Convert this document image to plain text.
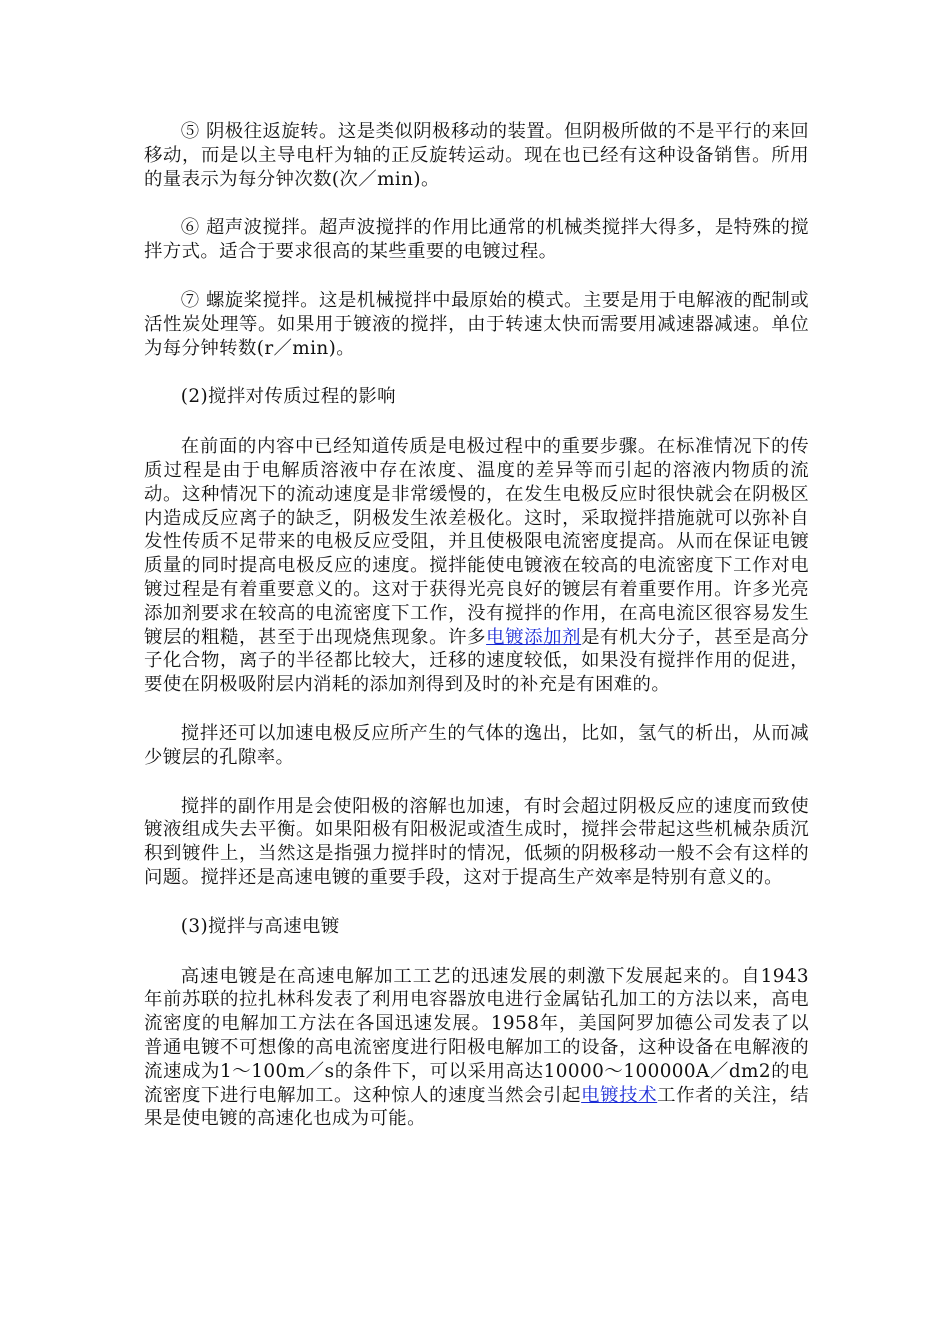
⑤ 阴极往返旋转。这是类似阴极移动的装置。但阴极所做的不是平行的来回移动，而是以主导电杆为轴的正反旋转运动。现在也已经有这种设备销售。所用的量表示为每分钟次数(次／min)。

⑥ 超声波搅拌。超声波搅拌的作用比通常的机械类搅拌大得多，是特殊的搅拌方式。适合于要求很高的某些重要的电镀过程。

⑦ 螺旋桨搅拌。这是机械搅拌中最原始的模式。主要是用于电解液的配制或活性炭处理等。如果用于镀液的搅拌，由于转速太快而需要用减速器减速。单位为每分钟转数(r／min)。

(2)搅拌对传质过程的影响

在前面的内容中已经知道传质是电极过程中的重要步骤。在标准情况下的传质过程是由于电解质溶液中存在浓度、温度的差异等而引起的溶液内物质的流动。这种情况下的流动速度是非常缓慢的，在发生电极反应时很快就会在阴极区内造成反应离子的缺乏，阴极发生浓差极化。这时，采取搅拌措施就可以弥补自发性传质不足带来的电极反应受阻，并且使极限电流密度提高。从而在保证电镀质量的同时提高电极反应的速度。搅拌能使电镀液在较高的电流密度下工作对电镀过程是有着重要意义的。这对于获得光亮良好的镀层有着重要作用。许多光亮添加剂要求在较高的电流密度下工作，没有搅拌的作用，在高电流区很容易发生镀层的粗糙，甚至于出现烧焦现象。许多电镀添加剂是有机大分子，甚至是高分子化合物，离子的半径都比较大，迁移的速度较低，如果没有搅拌作用的促进，要使在阴极吸附层内消耗的添加剂得到及时的补充是有困难的。

搅拌还可以加速电极反应所产生的气体的逸出，比如，氢气的析出，从而减少镀层的孔隙率。

搅拌的副作用是会使阳极的溶解也加速，有时会超过阴极反应的速度而致使镀液组成失去平衡。如果阳极有阳极泥或渣生成时，搅拌会带起这些机械杂质沉积到镀件上，当然这是指强力搅拌时的情况，低频的阴极移动一般不会有这样的问题。搅拌还是高速电镀的重要手段，这对于提高生产效率是特别有意义的。

(3)搅拌与高速电镀

高速电镀是在高速电解加工工艺的迅速发展的刺激下发展起来的。自1943年前苏联的拉扎林科发表了利用电容器放电进行金属钻孔加工的方法以来，高电流密度的电解加工方法在各国迅速发展。1958年，美国阿罗加德公司发表了以普通电镀不可想像的高电流密度进行阳极电解加工的设备，这种设备在电解液的流速成为1～100m／s的条件下，可以采用高达10000～100000A／dm2的电流密度下进行电解加工。这种惊人的速度当然会引起电镀技术工作者的关注，结果是使电镀的高速化也成为可能。
